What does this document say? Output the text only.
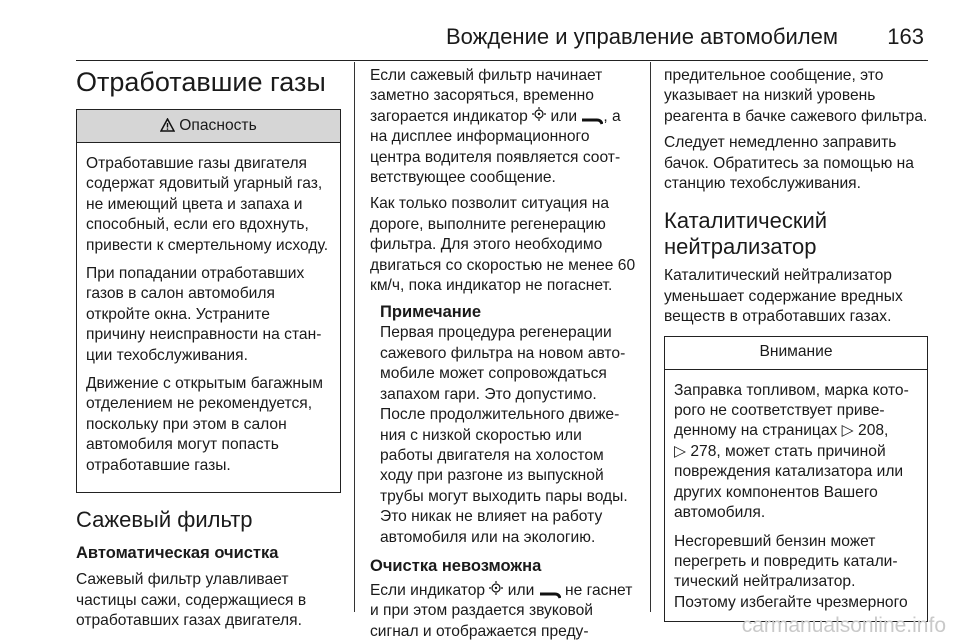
Вождение и управление автомобилем 163
Отработавшие газы
Опасность

Отработавшие газы двигателя содержат ядовитый угарный газ, не имеющий цвета и запаха и способный, если его вдохнуть, привести к смертельному исходу.

При попадании отработавших газов в салон автомобиля откройте окна. Устраните причину неисправности на станции техобслуживания.

Движение с открытым багажным отделением не рекомендуется, поскольку при этом в салон автомобиля могут попасть отработавшие газы.

Сажевый фильтр
Автоматическая очистка

Сажевый фильтр улавливает частицы сажи, содержащиеся в отработавших газах двигателя.

Если сажевый фильтр начинает заметно засоряться, временно загорается индикатор или , а на дисплее информационного центра водителя появляется соответствующее сообщение.

Как только позволит ситуация на дороге, выполните регенерацию фильтра. Для этого необходимо двигаться со скоростью не менее 60 км/ч, пока индикатор не погаснет.

Примечание

Первая процедура регенерации сажевого фильтра на новом автомобиле может сопровождаться запахом гари. Это допустимо. После продолжительного движения с низкой скоростью или работы двигателя на холостом ходу при разгоне из выпускной трубы могут выходить пары воды. Это никак не влияет на работу автомобиля или на экологию.

Очистка невозможна

Если индикатор или не гаснет и при этом раздается звуковой сигнал и отображается преду-

предительное сообщение, это указывает на низкий уровень реагента в бачке сажевого фильтра.

Следует немедленно заправить бачок. Обратитесь за помощью на станцию техобслуживания.

Каталитический нейтрализатор

Каталитический нейтрализатор уменьшает содержание вредных веществ в отработавших газах.

Внимание

Заправка топливом, марка которого не соответствует приведенному на страницах ▷ 208,
▷ 278, может стать причиной повреждения катализатора или других компонентов Вашего автомобиля.

Несгоревший бензин может перегреть и повредить каталитический нейтрализатор. Поэтому избегайте чрезмерного

carmanualsonline.info
